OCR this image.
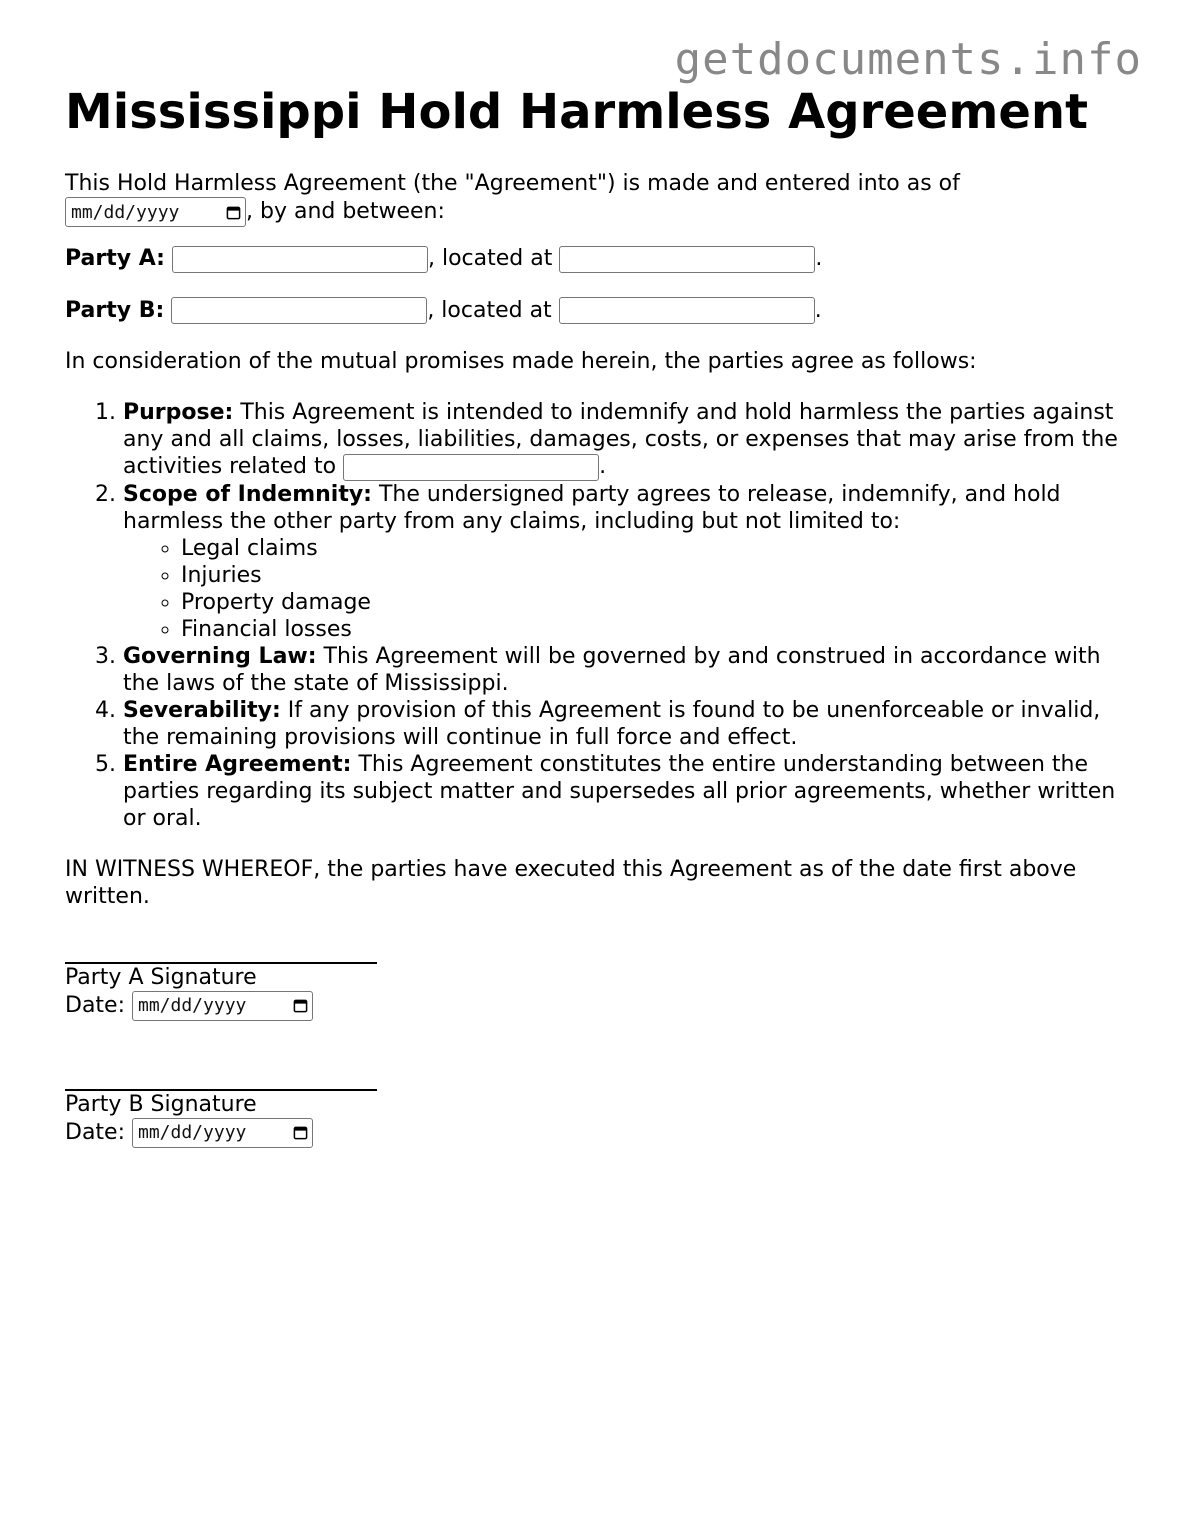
getdocuments.info
Mississippi Hold Harmless Agreement

This Hold Harmless Agreement (the "Agreement") is made and entered into as of

mm/dd/yyyy	, by and between:

Party A:	, located at	.

Party B:	, located at	.

In consideration of the mutual promises made herein, the parties agree as follows:

1. Purpose: This Agreement is intended to indemnify and hold harmless the parties against any and all claims, losses, liabilities, damages, costs, or expenses that may arise from the activities related to	.
2. Scope of Indemnity: The undersigned party agrees to release, indemnify, and hold harmless the other party from any claims, including but not limited to:
◦ Legal claims
◦ Injuries
◦ Property damage
◦ Financial losses
3. Governing Law: This Agreement will be governed by and construed in accordance with the laws of the state of Mississippi.
4. Severability: If any provision of this Agreement is found to be unenforceable or invalid, the remaining provisions will continue in full force and effect.
5. Entire Agreement: This Agreement constitutes the entire understanding between the parties regarding its subject matter and supersedes all prior agreements, whether written or oral.

IN WITNESS WHEREOF, the parties have executed this Agreement as of the date first above written.

Party A Signature
Date: mm/dd/yyyy
Party B Signature
Date: mm/dd/yyyy
